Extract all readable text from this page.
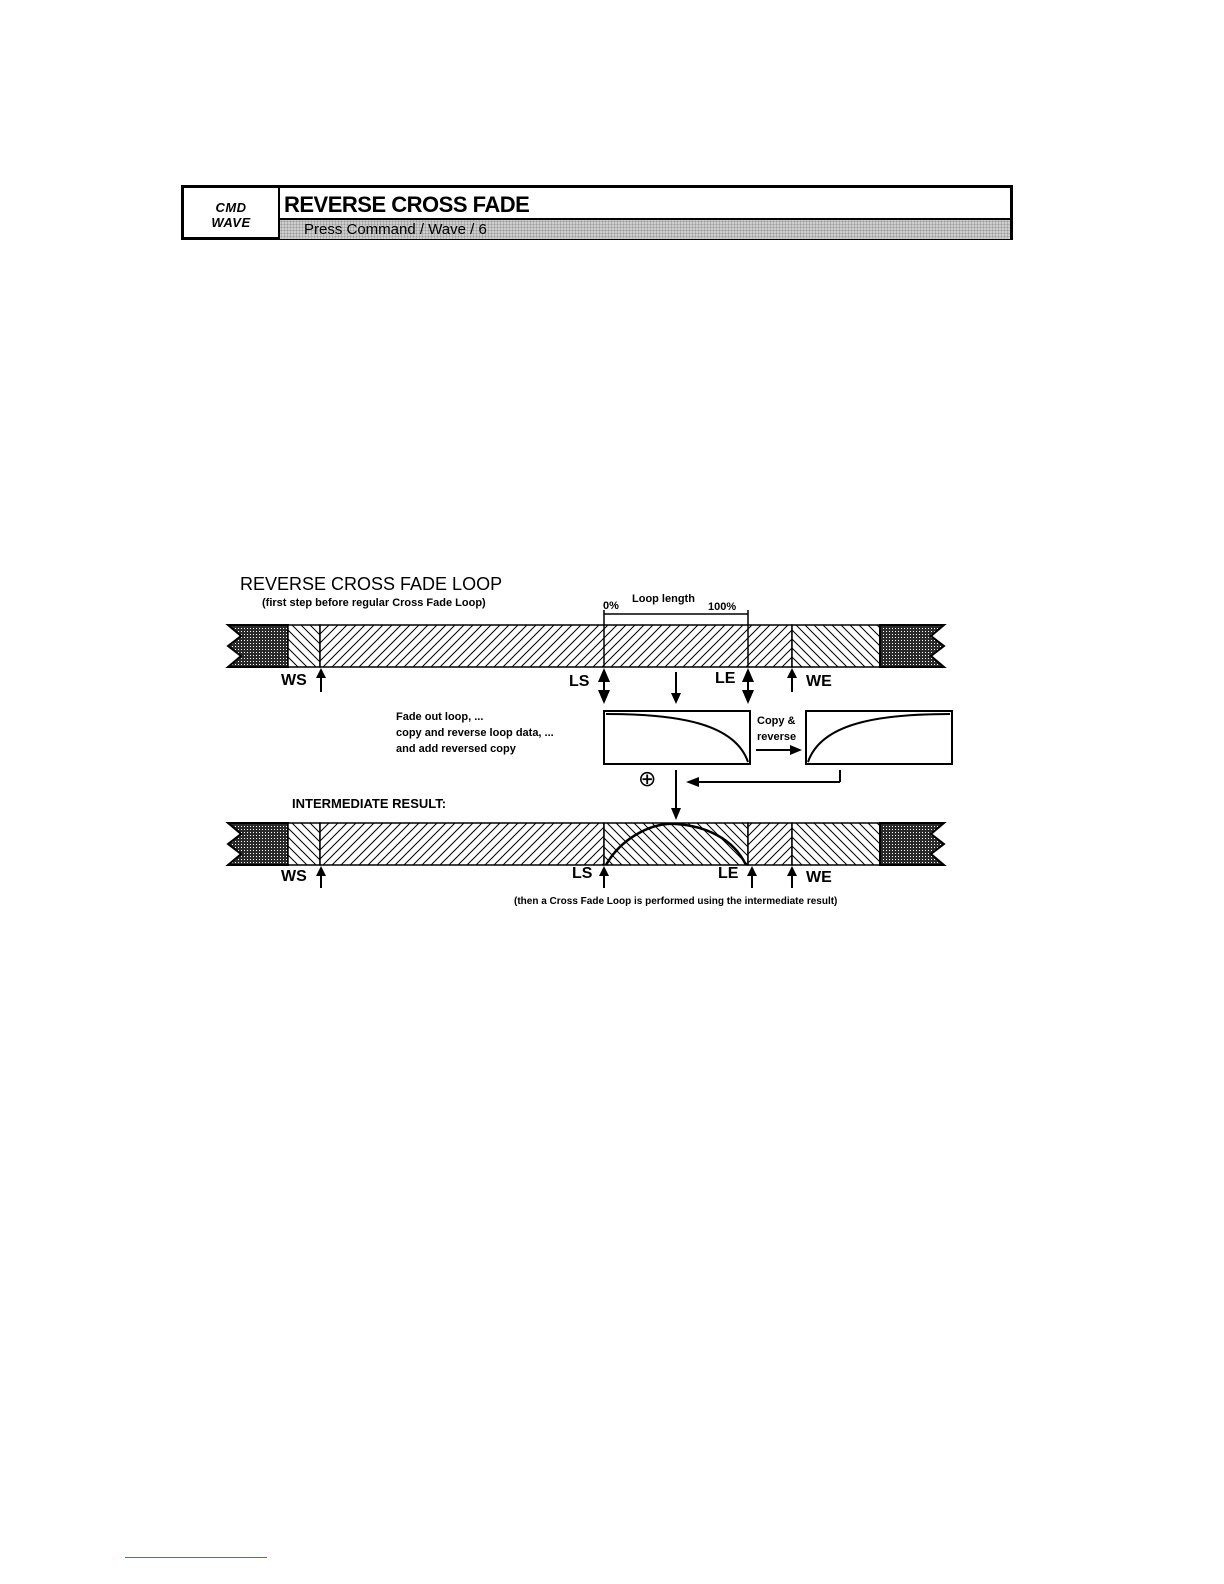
CMD
WAVE
REVERSE CROSS FADE
Press Command / Wave / 6
REVERSE CROSS FADE LOOP
(first step before regular Cross Fade Loop)	0%
Loop length
100%
WS	LS	LE	WE
Fade out loop, ...
copy and reverse loop data, ...
and add reversed copy
Copy &
reverse
⊕
INTERMEDIATE RESULT:
WS	LS	LE	WE
(then a Cross Fade Loop is performed using the intermediate result)
